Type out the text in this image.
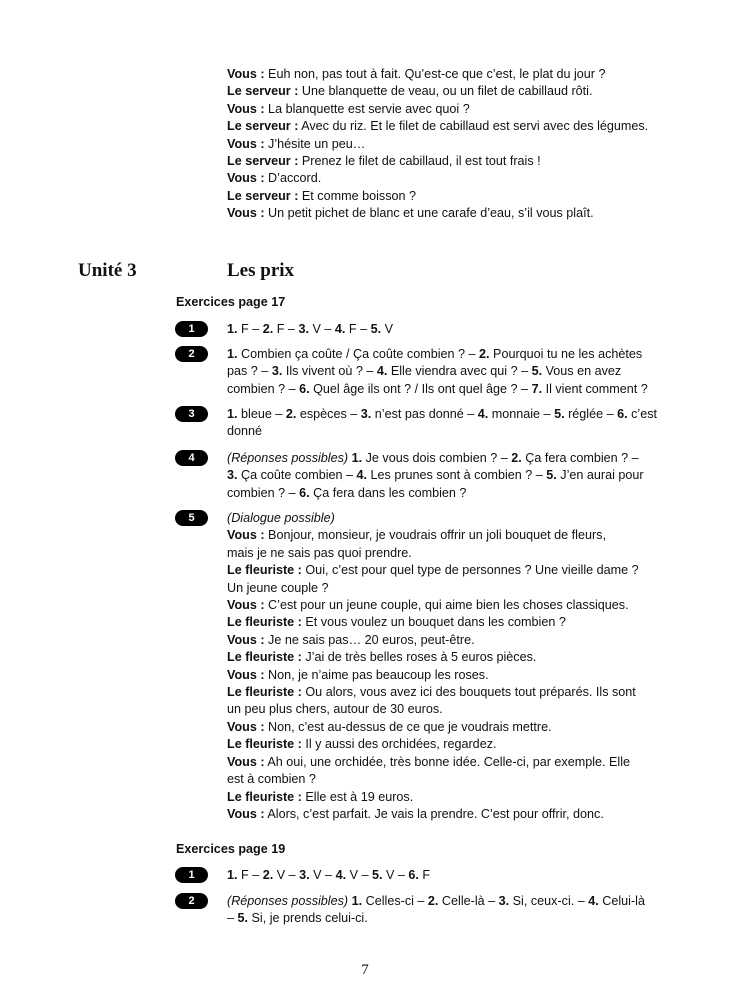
Vous : Euh non, pas tout à fait. Qu’est-ce que c’est, le plat du jour ?
Le serveur : Une blanquette de veau, ou un filet de cabillaud rôti.
Vous : La blanquette est servie avec quoi ?
Le serveur : Avec du riz. Et le filet de cabillaud est servi avec des légumes.
Vous : J’hésite un peu…
Le serveur : Prenez le filet de cabillaud, il est tout frais !
Vous : D’accord.
Le serveur : Et comme boisson ?
Vous : Un petit pichet de blanc et une carafe d’eau, s’il vous plaît.
Unité 3	Les prix
Exercices page 17
1	1. F – 2. F – 3. V – 4. F – 5. V
2	1. Combien ça coûte / Ça coûte combien ? – 2. Pourquoi tu ne les achètes
pas ? – 3. Ils vivent où ? – 4. Elle viendra avec qui ? – 5. Vous en avez
combien ? – 6. Quel âge ils ont ? / Ils ont quel âge ? – 7. Il vient comment ?
3	1. bleue – 2. espèces – 3. n’est pas donné – 4. monnaie – 5. réglée – 6. c’est
donné
4	(Réponses possibles) 1. Je vous dois combien ? – 2. Ça fera combien ? –
3. Ça coûte combien – 4. Les prunes sont à combien ? – 5. J’en aurai pour
combien ? – 6. Ça fera dans les combien ?
5	(Dialogue possible)
Vous : Bonjour, monsieur, je voudrais offrir un joli bouquet de fleurs,
mais je ne sais pas quoi prendre.
Le fleuriste : Oui, c’est pour quel type de personnes ? Une vieille dame ?
Un jeune couple ?
Vous : C’est pour un jeune couple, qui aime bien les choses classiques.
Le fleuriste : Et vous voulez un bouquet dans les combien ?
Vous : Je ne sais pas… 20 euros, peut-être.
Le fleuriste : J’ai de très belles roses à 5 euros pièces.
Vous : Non, je n’aime pas beaucoup les roses.
Le fleuriste : Ou alors, vous avez ici des bouquets tout préparés. Ils sont
un peu plus chers, autour de 30 euros.
Vous : Non, c’est au-dessus de ce que je voudrais mettre.
Le fleuriste : Il y aussi des orchidées, regardez.
Vous : Ah oui, une orchidée, très bonne idée. Celle-ci, par exemple. Elle
est à combien ?
Le fleuriste : Elle est à 19 euros.
Vous : Alors, c’est parfait. Je vais la prendre. C’est pour offrir, donc.
Exercices page 19
1	1. F – 2. V – 3. V – 4. V – 5. V – 6. F
2	(Réponses possibles) 1. Celles-ci – 2. Celle-là – 3. Si, ceux-ci. – 4. Celui-là
– 5. Si, je prends celui-ci.
7
